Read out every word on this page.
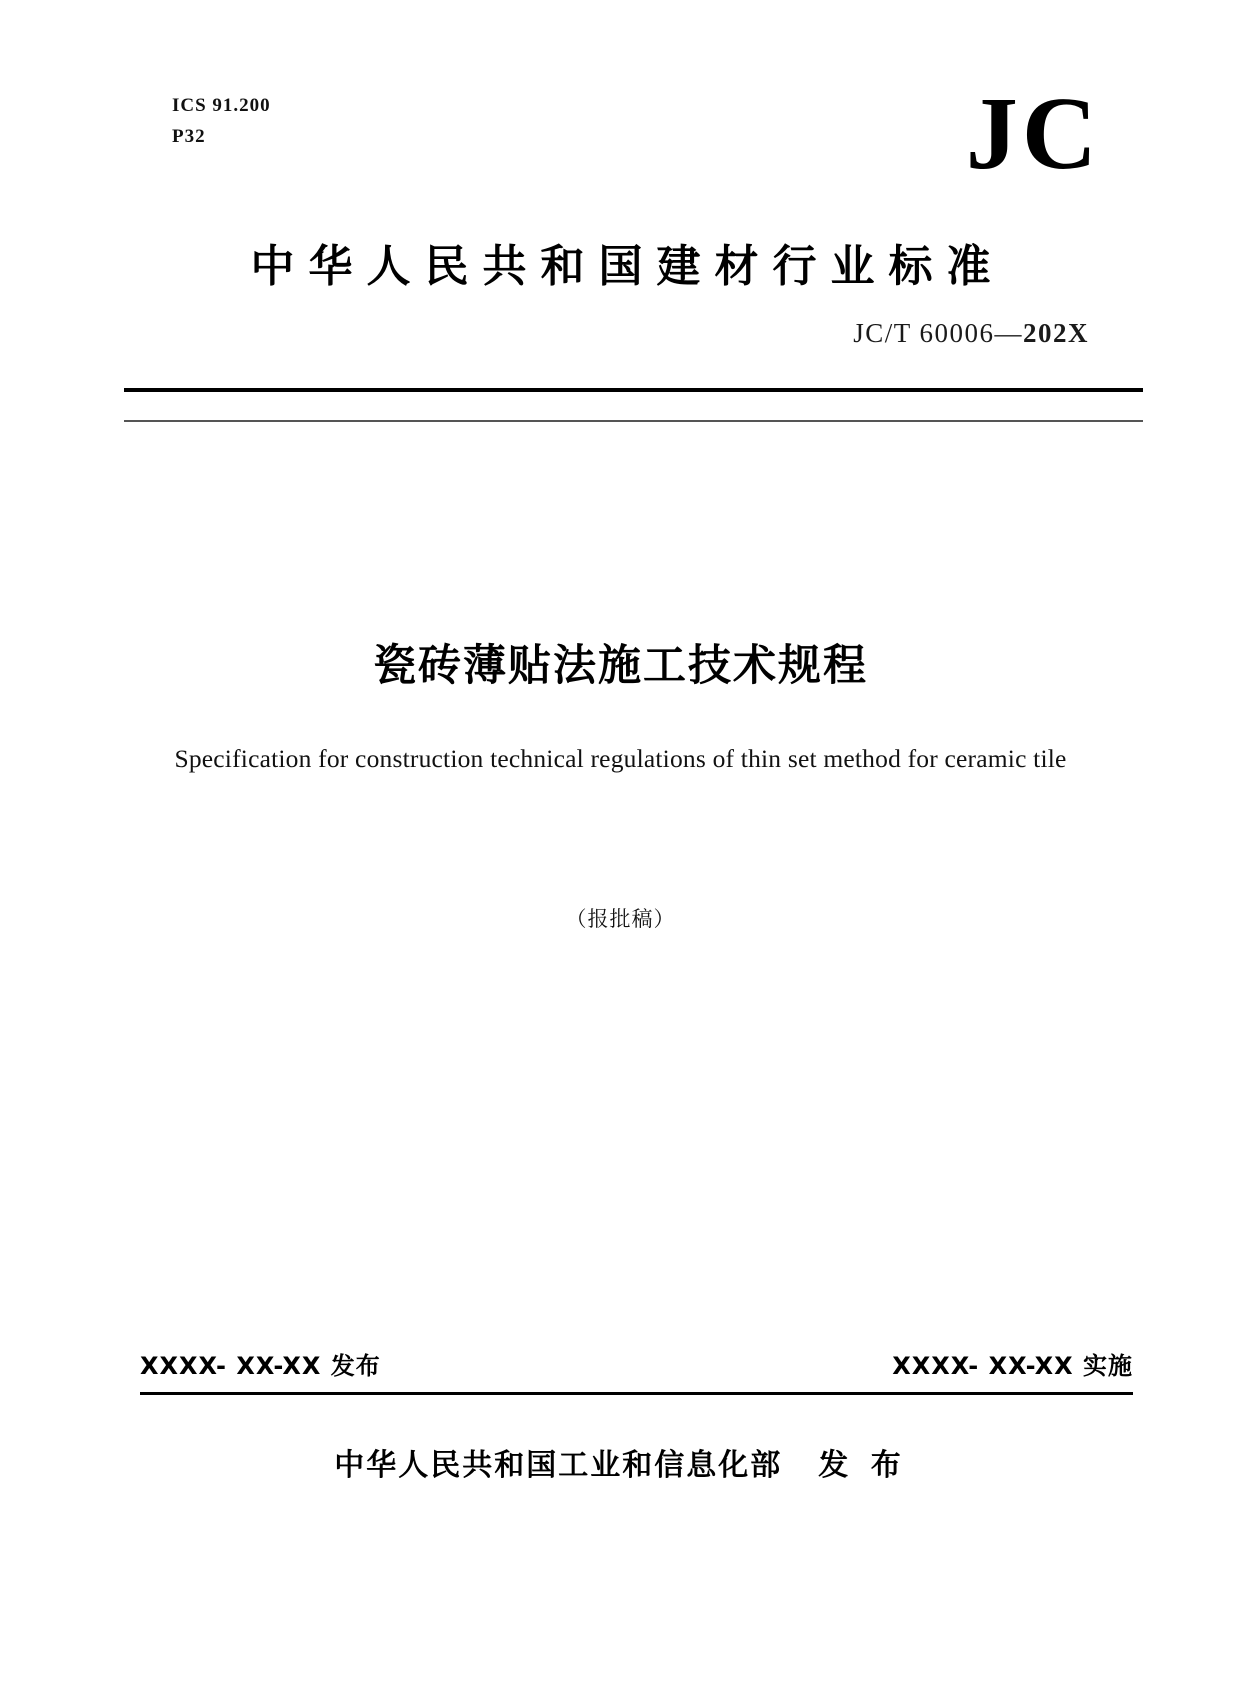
ICS 91.200
P32	JC
中华人民共和国建材行业标准
JC/T 60006—202X
瓷砖薄贴法施工技术规程
Specification for construction technical regulations of thin set method for ceramic tile
（报批稿）
XXXX- XX-XX 发布	XXXX- XX-XX 实施
中华人民共和国工业和信息化部 发 布
